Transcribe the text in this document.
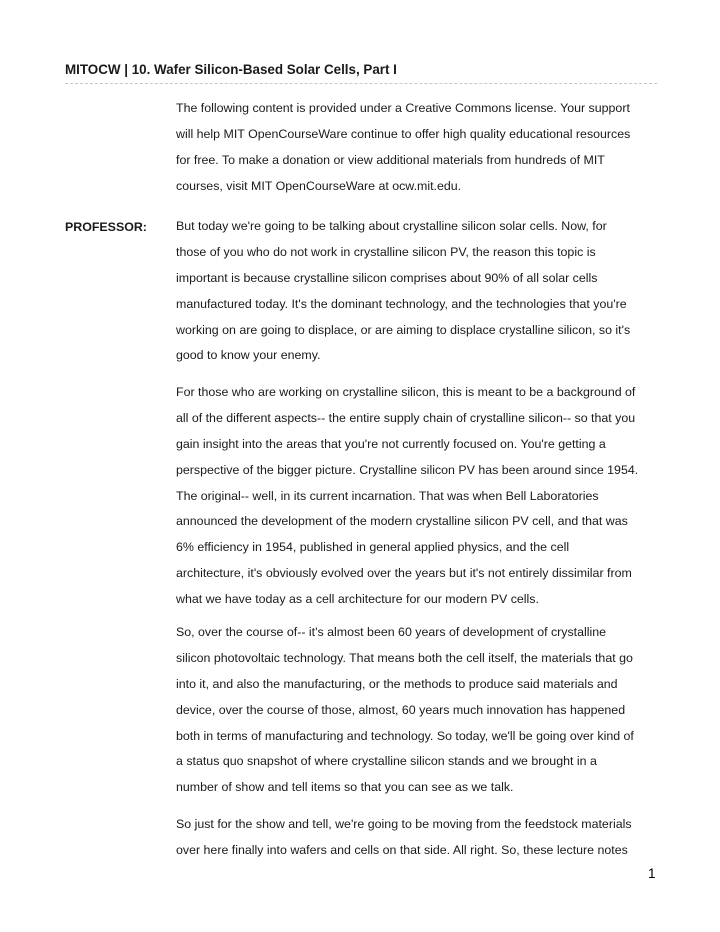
MITOCW | 10. Wafer Silicon-Based Solar Cells, Part I
The following content is provided under a Creative Commons license. Your support
will help MIT OpenCourseWare continue to offer high quality educational resources
for free. To make a donation or view additional materials from hundreds of MIT
courses, visit MIT OpenCourseWare at ocw.mit.edu.
PROFESSOR: But today we're going to be talking about crystalline silicon solar cells. Now, for
those of you who do not work in crystalline silicon PV, the reason this topic is
important is because crystalline silicon comprises about 90% of all solar cells
manufactured today. It's the dominant technology, and the technologies that you're
working on are going to displace, or are aiming to displace crystalline silicon, so it's
good to know your enemy.
For those who are working on crystalline silicon, this is meant to be a background of
all of the different aspects-- the entire supply chain of crystalline silicon-- so that you
gain insight into the areas that you're not currently focused on. You're getting a
perspective of the bigger picture. Crystalline silicon PV has been around since 1954.
The original-- well, in its current incarnation. That was when Bell Laboratories
announced the development of the modern crystalline silicon PV cell, and that was
6% efficiency in 1954, published in general applied physics, and the cell
architecture, it's obviously evolved over the years but it's not entirely dissimilar from
what we have today as a cell architecture for our modern PV cells.
So, over the course of-- it's almost been 60 years of development of crystalline
silicon photovoltaic technology. That means both the cell itself, the materials that go
into it, and also the manufacturing, or the methods to produce said materials and
device, over the course of those, almost, 60 years much innovation has happened
both in terms of manufacturing and technology. So today, we'll be going over kind of
a status quo snapshot of where crystalline silicon stands and we brought in a
number of show and tell items so that you can see as we talk.
So just for the show and tell, we're going to be moving from the feedstock materials
over here finally into wafers and cells on that side. All right. So, these lecture notes
1
